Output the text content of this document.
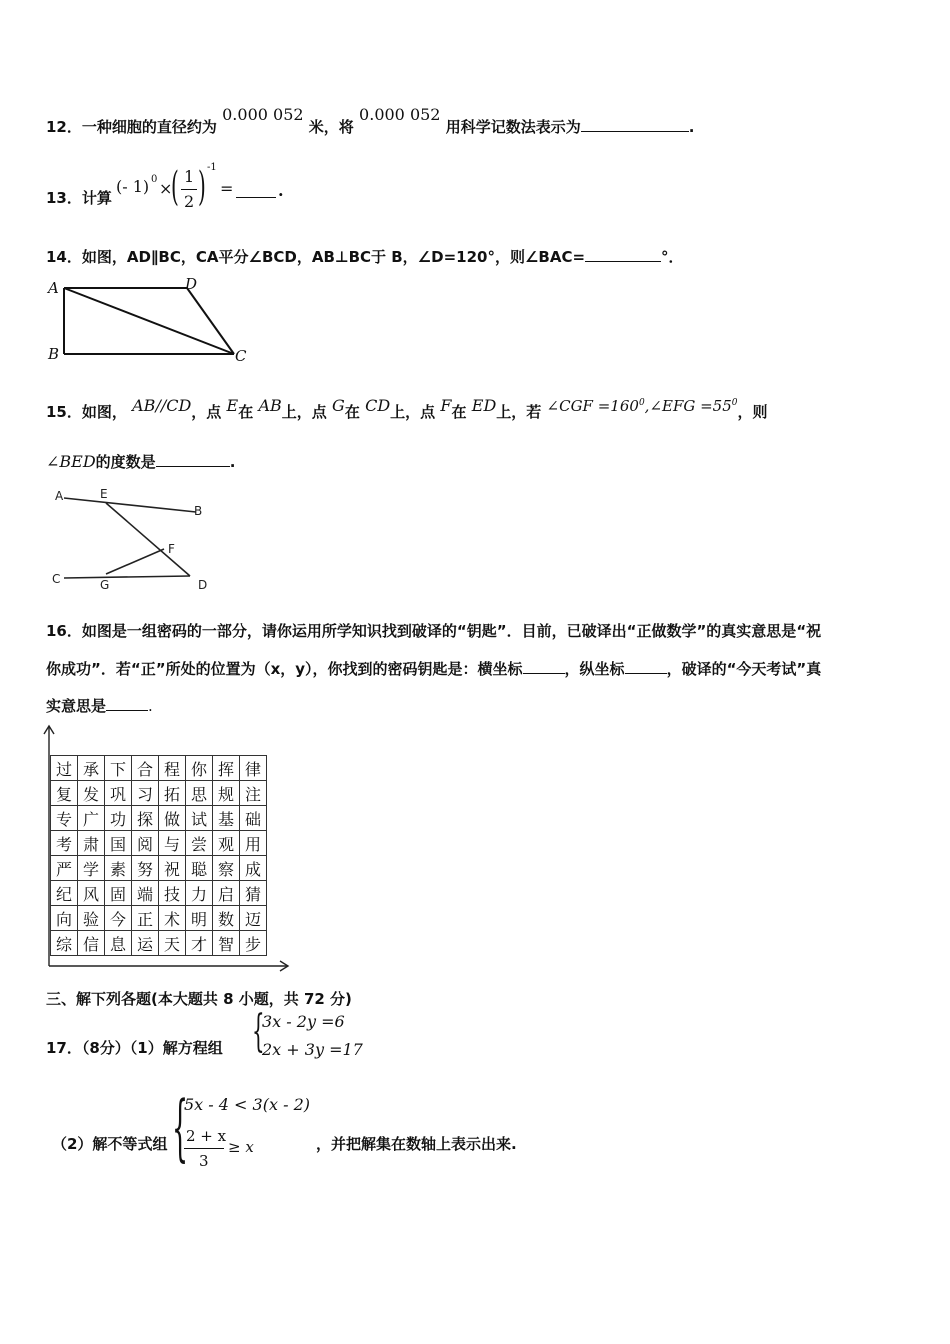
12．一种细胞的直径约为 0.000 052 米，将 0.000 052 用科学记数法表示为	.
13．计算
(- 1) 0 ×
( 1
2 ) -1
=	.
14．如图，AD∥BC，CA平分∠BCD，AB⊥BC于 B，∠D=120°，则∠BAC=	°．
A	D
B	C
15．如图， AB//CD，点 E在 AB上，点 G在 CD上，点 F在 ED上，若 ∠CGF $=160^0,\angle EFG =55^0$，则
∠BED的度数是	.
A	E
B
F
C	G	D
16．如图是一组密码的一部分，请你运用所学知识找到破译的“钥匙”．目前，已破译出“正做数学”的真实意思是“祝
你成功”．若“正”所处的位置为（x，y），你找到的密码钥匙是：横坐标	，纵坐标	，破译的“今天考试”真
实意思是	.
过	承	下	合	程	你	挥	律
复	发	巩	习	拓	思	规	注
专	广	功	探	做	试	基	础
考	肃	国	阅	与	尝	观	用
严	学	素	努	祝	聪	察	成
纪	风	固	端	技	力	启	猜
向	验	今	正	术	明	数	迈
综	信	息	运	天	才	智	步
三、解下列各题(本大题共 8 小题，共 72 分)
17．（8分）（1）解方程组 {
3x - 2y =6
2x + 3y =17
（2）解不等式组 {
5x - 4 < 3(x - 2)
2 + x
3
≥ x	，并把解集在数轴上表示出来.
